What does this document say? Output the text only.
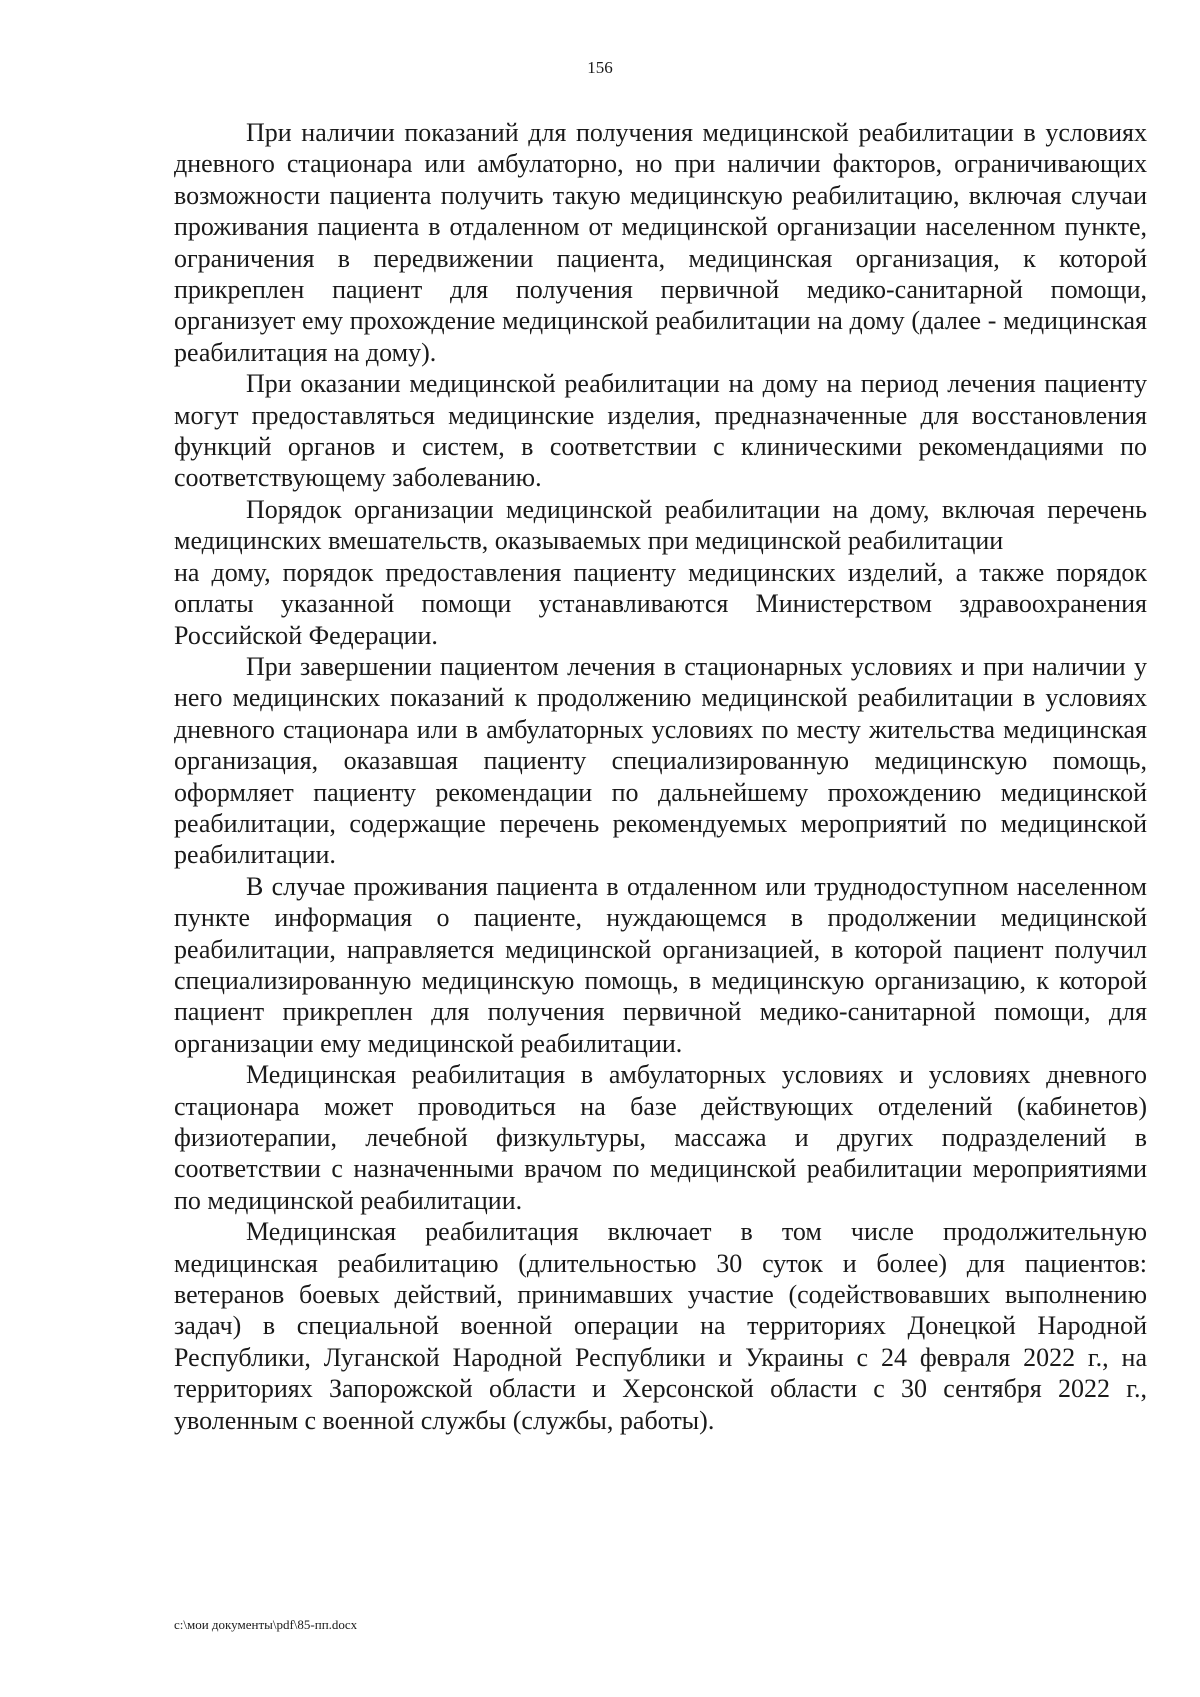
156

При наличии показаний для получения медицинской реабилитации в условиях дневного стационара или амбулаторно, но при наличии факторов, ограничивающих возможности пациента получить такую медицинскую реабилитацию, включая случаи проживания пациента в отдаленном от медицинской организации населенном пункте, ограничения в передвижении пациента, медицинская организация, к которой прикреплен пациент для получения первичной медико-санитарной помощи, организует ему прохождение медицинской реабилитации на дому (далее - медицинская реабилитация на дому).

При оказании медицинской реабилитации на дому на период лечения пациенту могут предоставляться медицинские изделия, предназначенные для восстановления функций органов и систем, в соответствии с клиническими рекомендациями по соответствующему заболеванию.

Порядок организации медицинской реабилитации на дому, включая перечень медицинских вмешательств, оказываемых при медицинской реабилитации

на дому, порядок предоставления пациенту медицинских изделий, а также порядок оплаты указанной помощи устанавливаются Министерством здравоохранения Российской Федерации.

При завершении пациентом лечения в стационарных условиях и при наличии у него медицинских показаний к продолжению медицинской реабилитации в условиях дневного стационара или в амбулаторных условиях по месту жительства медицинская организация, оказавшая пациенту специализированную медицинскую помощь, оформляет пациенту рекомендации по дальнейшему прохождению медицинской реабилитации, содержащие перечень рекомендуемых мероприятий по медицинской реабилитации.

В случае проживания пациента в отдаленном или труднодоступном населенном пункте информация о пациенте, нуждающемся в продолжении медицинской реабилитации, направляется медицинской организацией, в которой пациент получил специализированную медицинскую помощь, в медицинскую организацию, к которой пациент прикреплен для получения первичной медико-санитарной помощи, для организации ему медицинской реабилитации.

Медицинская реабилитация в амбулаторных условиях и условиях дневного стационара может проводиться на базе действующих отделений (кабинетов) физиотерапии, лечебной физкультуры, массажа и других подразделений в соответствии с назначенными врачом по медицинской реабилитации мероприятиями по медицинской реабилитации.

Медицинская реабилитация включает в том числе продолжительную медицинская реабилитацию (длительностью 30 суток и более) для пациентов: ветеранов боевых действий, принимавших участие (содействовавших выполнению задач) в специальной военной операции на территориях Донецкой Народной Республики, Луганской Народной Республики и Украины с 24 февраля 2022 г., на территориях Запорожской области и Херсонской области с 30 сентября 2022 г., уволенным с военной службы (службы, работы).

c:\мои документы\pdf\85-пп.docx
